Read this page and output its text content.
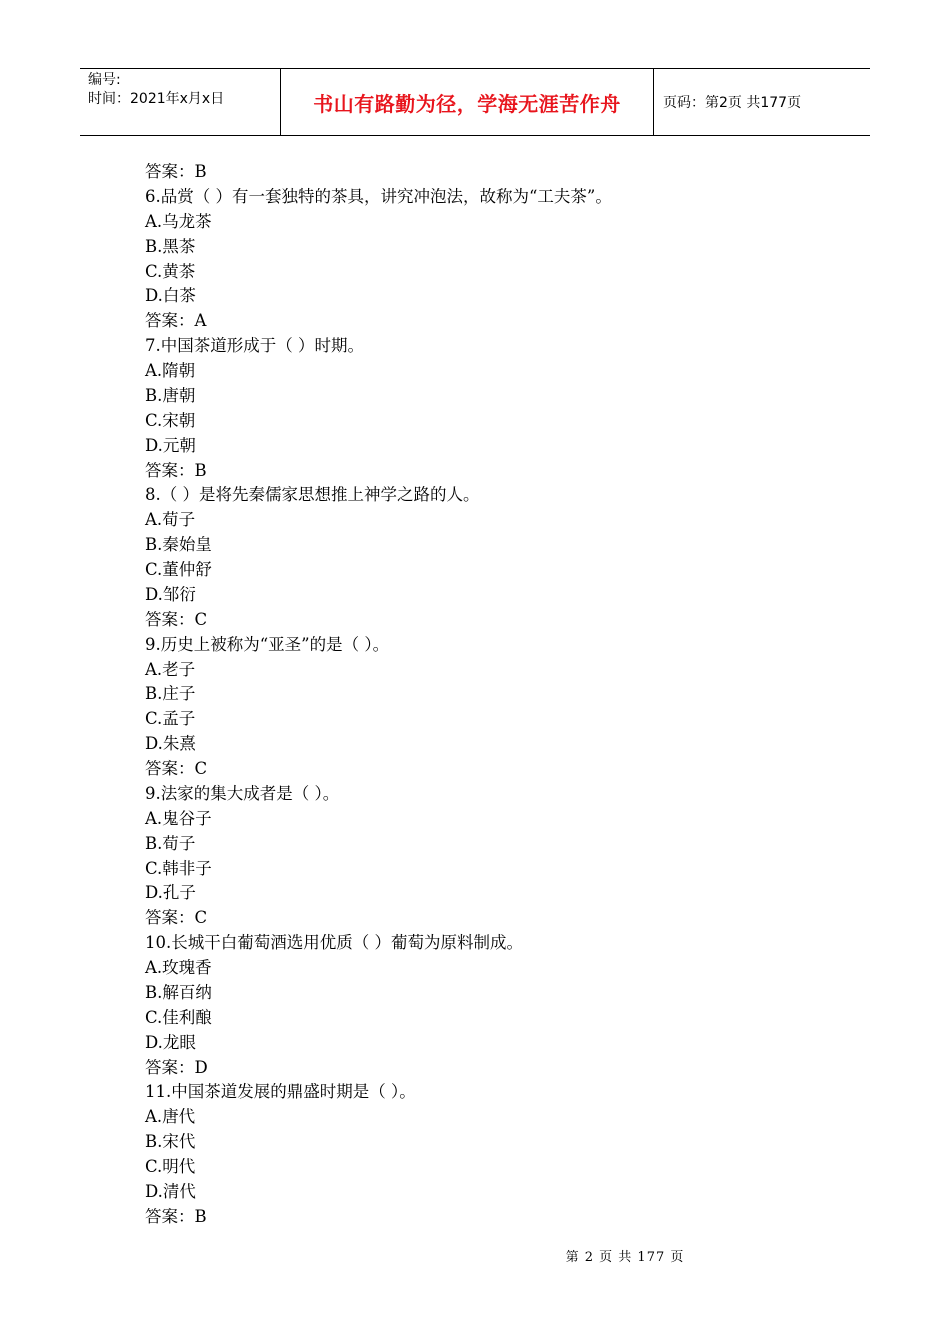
编号:
时间：2021年x月x日	书山有路勤为径，学海无涯苦作舟	页码：第2页 共177页
答案：B
6.品赏（ ）有一套独特的茶具，讲究冲泡法，故称为“工夫茶”。
A.乌龙茶
B.黑茶
C.黄茶
D.白茶
答案：A
7.中国茶道形成于（ ）时期。
A.隋朝
B.唐朝
C.宋朝
D.元朝
答案：B
8.（ ）是将先秦儒家思想推上神学之路的人。
A.荀子
B.秦始皇
C.董仲舒
D.邹衍
答案：C
9.历史上被称为“亚圣”的是（ ）。
A.老子
B.庄子
C.孟子
D.朱熹
答案：C
9.法家的集大成者是（ ）。
A.鬼谷子
B.荀子
C.韩非子
D.孔子
答案：C
10.长城干白葡萄酒选用优质（ ）葡萄为原料制成。
A.玫瑰香
B.解百纳
C.佳利酿
D.龙眼
答案：D
11.中国茶道发展的鼎盛时期是（ ）。
A.唐代
B.宋代
C.明代
D.清代
答案：B
第 2 页 共 177 页
